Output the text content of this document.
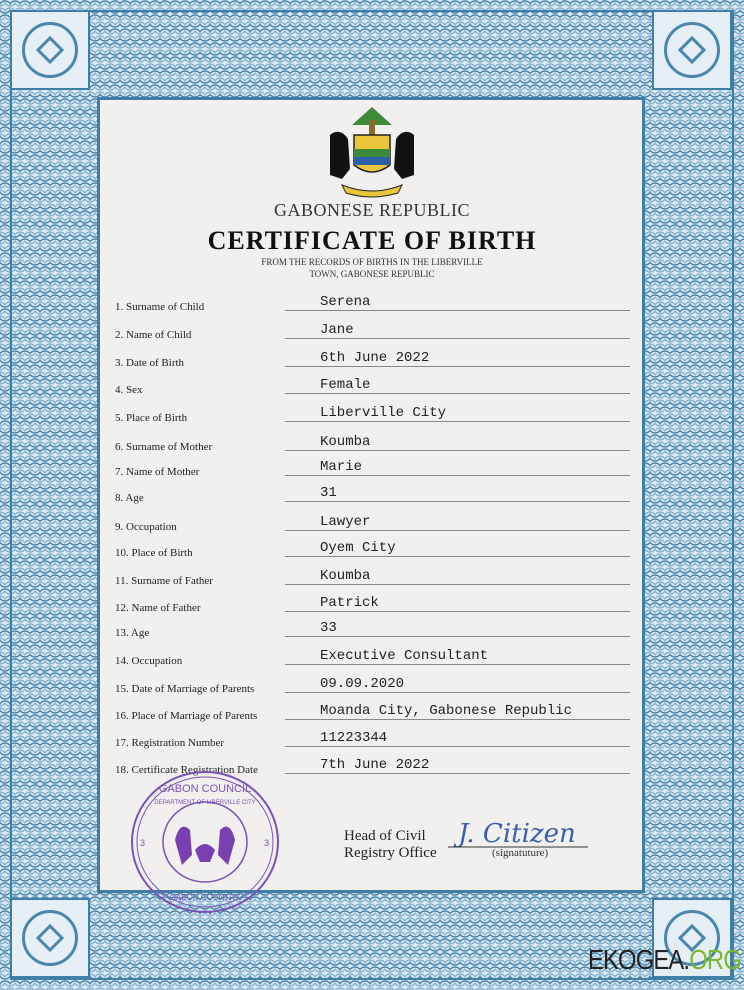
GABONESE REPUBLIC
CERTIFICATE OF BIRTH
FROM THE RECORDS OF BIRTHS IN THE LIBERVILLE
TOWN, GABONESE REPUBLIC
1. Surname of Child	Serena
2. Name of Child	Jane
3. Date of Birth	6th June 2022
4. Sex	Female
5. Place of Birth	Liberville City
6. Surname of Mother	Koumba
7. Name of Mother	Marie
8. Age	31
9. Occupation	Lawyer
10. Place of Birth	Oyem City
11. Surname of Father	Koumba
12. Name of Father	Patrick
13. Age	33
14. Occupation	Executive Consultant
15. Date of Marriage of Parents	09.09.2020
16. Place of Marriage of Parents	Moanda City, Gabonese Republic
17. Registration Number	11223344
18. Certificate Registration Date	7th June 2022
GABON COUNCIL
GABON COUNTRY
DEPARTMENT OF LIBERVILLE CITY
3	3	Head of Civil
Registry Office
J. Citizen
(signatuture)
EKOGEA.ORG
